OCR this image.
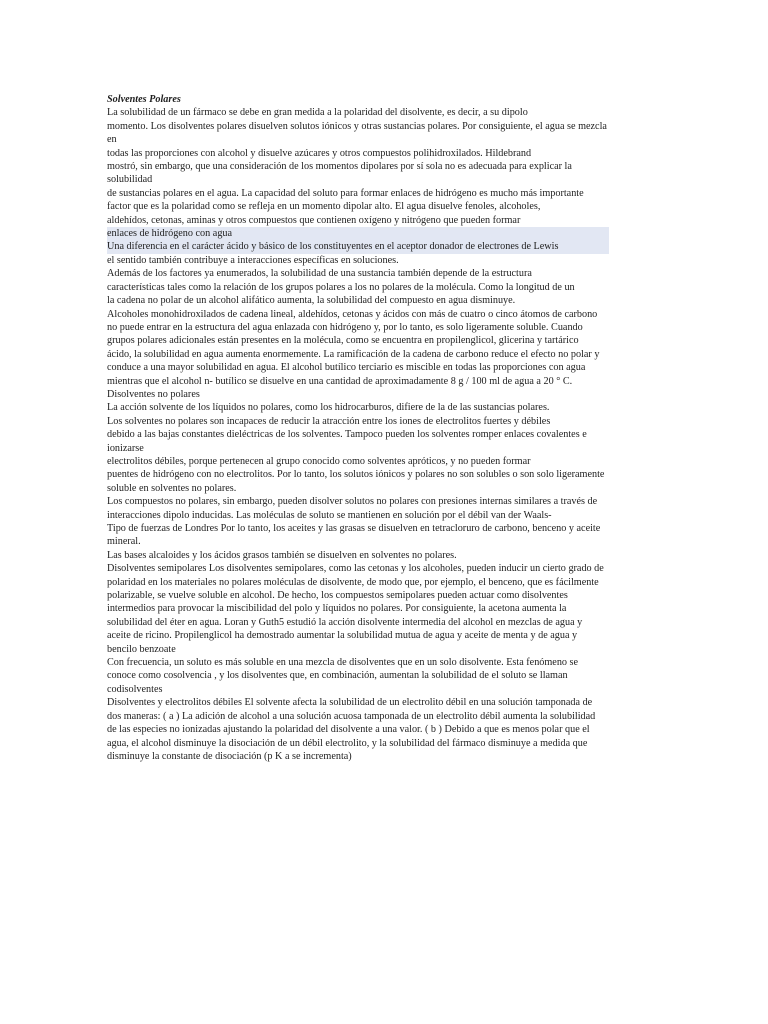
Solventes Polares
La solubilidad de un fármaco se debe en gran medida a la polaridad del disolvente, es decir, a su dipolo
momento. Los disolventes polares disuelven solutos iónicos y otras sustancias polares. Por consiguiente, el agua se mezcla
en
todas las proporciones con alcohol y disuelve azúcares y otros compuestos polihidroxilados. Hildebrand
mostró, sin embargo, que una consideración de los momentos dipolares por sí sola no es adecuada para explicar la
solubilidad
de sustancias polares en el agua. La capacidad del soluto para formar enlaces de hidrógeno es mucho más importante
factor que es la polaridad como se refleja en un momento dipolar alto. El agua disuelve fenoles, alcoholes,
aldehídos, cetonas, aminas y otros compuestos que contienen oxígeno y nitrógeno que pueden formar
enlaces de hidrógeno con agua
Una diferencia en el carácter ácido y básico de los constituyentes en el aceptor donador de electrones de Lewis
el sentido también contribuye a interacciones específicas en soluciones.
Además de los factores ya enumerados, la solubilidad de una sustancia también depende de la estructura
características tales como la relación de los grupos polares a los no polares de la molécula. Como la longitud de un
la cadena no polar de un alcohol alifático aumenta, la solubilidad del compuesto en agua disminuye.
Alcoholes monohidroxilados de cadena lineal, aldehídos, cetonas y ácidos con más de cuatro o cinco átomos de carbono
no puede entrar en la estructura del agua enlazada con hidrógeno y, por lo tanto, es solo ligeramente soluble. Cuando
grupos polares adicionales están presentes en la molécula, como se encuentra en propilenglicol, glicerina y tartárico
ácido, la solubilidad en agua aumenta enormemente. La ramificación de la cadena de carbono reduce el efecto no polar y
conduce a una mayor solubilidad en agua. El alcohol butílico terciario es miscible en todas las proporciones con agua
mientras que el alcohol n- butílico se disuelve en una cantidad de aproximadamente 8 g / 100 ml de agua a 20 ° C.
Disolventes no polares
La acción solvente de los líquidos no polares, como los hidrocarburos, difiere de la de las sustancias polares.
Los solventes no polares son incapaces de reducir la atracción entre los iones de electrolitos fuertes y débiles
debido a las bajas constantes dieléctricas de los solventes. Tampoco pueden los solventes romper enlaces covalentes e
ionizarse
electrolitos débiles, porque pertenecen al grupo conocido como solventes apróticos, y no pueden formar
puentes de hidrógeno con no electrolitos. Por lo tanto, los solutos iónicos y polares no son solubles o son solo ligeramente
soluble en solventes no polares.
Los compuestos no polares, sin embargo, pueden disolver solutos no polares con presiones internas similares a través de
interacciones dipolo inducidas. Las moléculas de soluto se mantienen en solución por el débil van der Waals-
Tipo de fuerzas de Londres Por lo tanto, los aceites y las grasas se disuelven en tetracloruro de carbono, benceno y aceite
mineral.
Las bases alcaloides y los ácidos grasos también se disuelven en solventes no polares.
Disolventes semipolares Los disolventes semipolares, como las cetonas y los alcoholes, pueden inducir un cierto grado de
polaridad en los materiales no polares moléculas de disolvente, de modo que, por ejemplo, el benceno, que es fácilmente
polarizable, se vuelve soluble en alcohol. De hecho, los compuestos semipolares pueden actuar como disolventes
intermedios para provocar la miscibilidad del polo y líquidos no polares. Por consiguiente, la acetona aumenta la
solubilidad del éter en agua. Loran y Guth5 estudió la acción disolvente intermedia del alcohol en mezclas de agua y
aceite de ricino. Propilenglicol ha demostrado aumentar la solubilidad mutua de agua y aceite de menta y de agua y
bencilo benzoate
Con frecuencia, un soluto es más soluble en una mezcla de disolventes que en un solo disolvente. Esta fenómeno se
conoce como cosolvencia , y los disolventes que, en combinación, aumentan la solubilidad de el soluto se llaman
codisolventes
Disolventes y electrolitos débiles El solvente afecta la solubilidad de un electrolito débil en una solución tamponada de
dos maneras: ( a ) La adición de alcohol a una solución acuosa tamponada de un electrolito débil aumenta la solubilidad
de las especies no ionizadas ajustando la polaridad del disolvente a una valor. ( b ) Debido a que es menos polar que el
agua, el alcohol disminuye la disociación de un débil electrolito, y la solubilidad del fármaco disminuye a medida que
disminuye la constante de disociación (p K a se incrementa)
